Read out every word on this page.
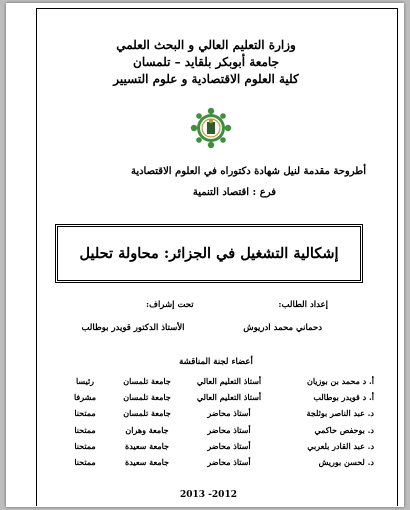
وزارة التعليم العالي و البحث العلمي
جامعة أبوبكر بلقايد – تلمسان
كلية العلوم الاقتصادية و علوم التسيير
أطروحة مقدمة لنيل شهادة دكتوراه في العلوم الاقتصادية
فرع : اقتصاد التنمية
إشكالية التشغيل في الجزائر: محاولة تحليل
إعداد الطالب:
تحت إشراف:
دحماني محمد ادريوش
الأستاذ الدكتور قويدر بوطالب
أعضاء لجنة المناقشة
أ. د محمد بن بوزيان
أستاذ التعليم العالي
جامعة تلمسان
رئيسا
أ. د قويدر بوطالب
أستاذ التعليم العالي
جامعة تلمسان
مشرفا
د. عبد الناصر بوثلجة
أستاذ محاضر
جامعة تلمسان
ممتحنا
د. بوحفص حاكمي
أستاذ محاضر
جامعة وهران
ممتحنا
د. عبد القادر بلعربي
أستاذ محاضر
جامعة سعيدة
ممتحنا
د. لحسن بوريش
أستاذ محاضر
جامعة سعيدة
ممتحنا
2013 -2012
